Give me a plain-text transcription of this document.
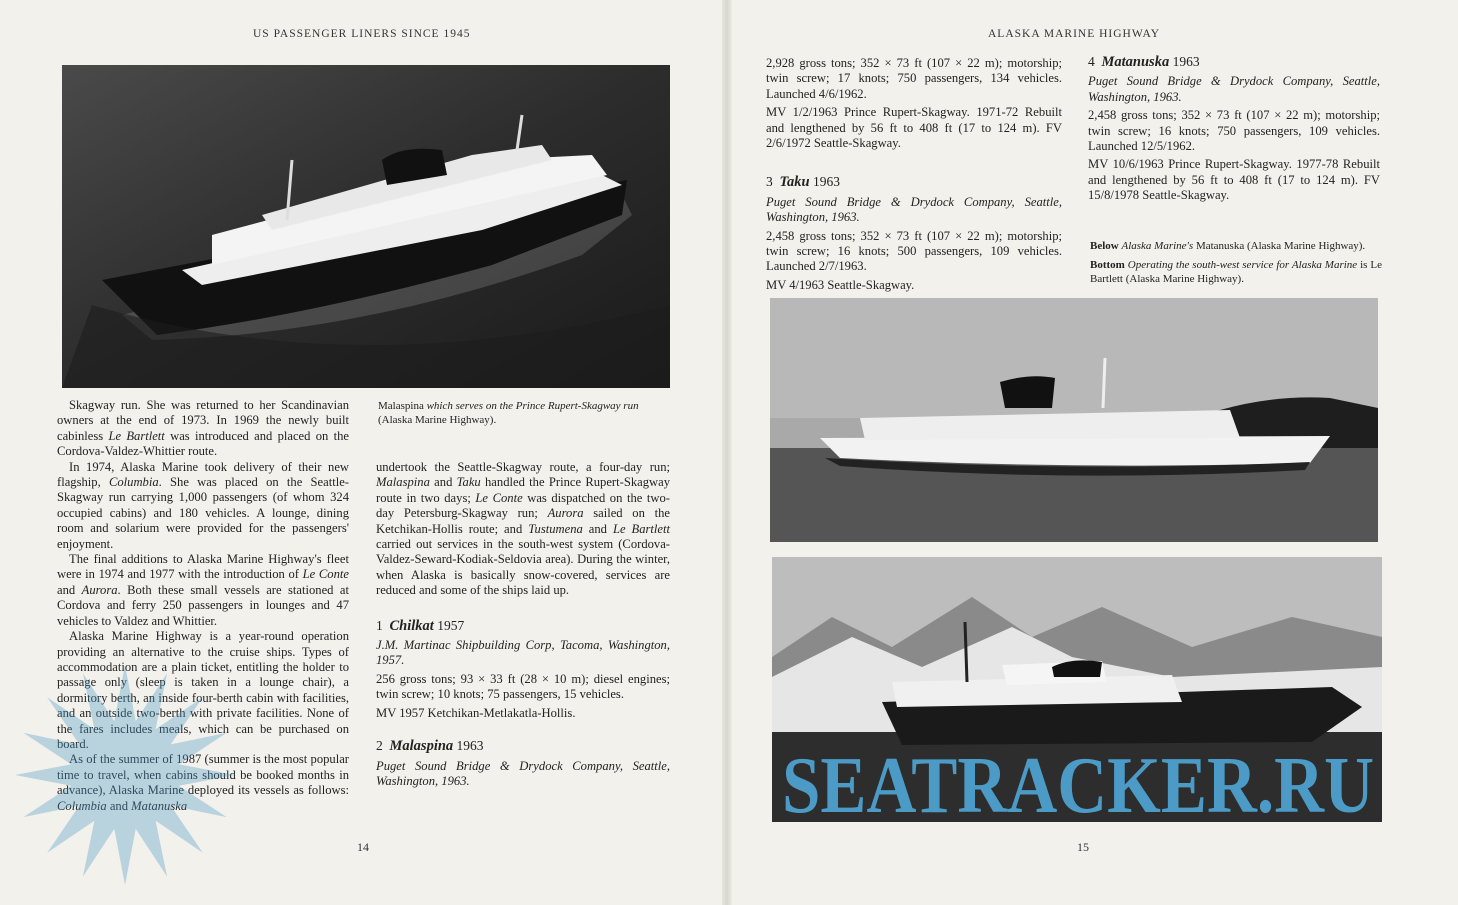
US PASSENGER LINERS SINCE 1945
Malaspina which serves on the Prince Rupert-Skagway run (Alaska Marine Highway).

Skagway run. She was returned to her Scandinavian owners at the end of 1973. In 1969 the newly built cabinless Le Bartlett was introduced and placed on the Cordova-Valdez-Whittier route.

In 1974, Alaska Marine took delivery of their new flagship, Columbia. She was placed on the Seattle-Skagway run carrying 1,000 passengers (of whom 324 occupied cabins) and 180 vehicles. A lounge, dining room and solarium were provided for the passengers' enjoyment.

The final additions to Alaska Marine Highway's fleet were in 1974 and 1977 with the introduction of Le Conte and Aurora. Both these small vessels are stationed at Cordova and ferry 250 passengers in lounges and 47 vehicles to Valdez and Whittier.

Alaska Marine Highway is a year-round operation providing an alternative to the cruise ships. Types of accommodation are a plain ticket, entitling the holder to passage only (sleep is taken in a lounge chair), a dormitory berth, an inside four-berth cabin with facilities, and an outside two-berth with private facilities. None of the fares includes meals, which can be purchased on board.

As of the summer of 1987 (summer is the most popular time to travel, when cabins should be booked months in advance), Alaska Marine deployed its vessels as follows: Columbia and Matanuska

undertook the Seattle-Skagway route, a four-day run; Malaspina and Taku handled the Prince Rupert-Skagway route in two days; Le Conte was dispatched on the two-day Petersburg-Skagway run; Aurora sailed on the Ketchikan-Hollis route; and Tustumena and Le Bartlett carried out services in the south-west system (Cordova-Valdez-Seward-Kodiak-Seldovia area). During the winter, when Alaska is basically snow-covered, services are reduced and some of the ships laid up.

1 Chilkat 1957

J.M. Martinac Shipbuilding Corp, Tacoma, Washington, 1957.

256 gross tons; 93 × 33 ft (28 × 10 m); diesel engines; twin screw; 10 knots; 75 passengers, 15 vehicles.

MV 1957 Ketchikan-Metlakatla-Hollis.

2 Malaspina 1963

Puget Sound Bridge & Drydock Company, Seattle, Washington, 1963.

14
ALASKA MARINE HIGHWAY

2,928 gross tons; 352 × 73 ft (107 × 22 m); motorship; twin screw; 17 knots; 750 passengers, 134 vehicles. Launched 4/6/1962.

MV 1/2/1963 Prince Rupert-Skagway. 1971-72 Rebuilt and lengthened by 56 ft to 408 ft (17 to 124 m). FV 2/6/1972 Seattle-Skagway.

3 Taku 1963

Puget Sound Bridge & Drydock Company, Seattle, Washington, 1963.

2,458 gross tons; 352 × 73 ft (107 × 22 m); motorship; twin screw; 16 knots; 500 passengers, 109 vehicles. Launched 2/7/1963.

MV 4/1963 Seattle-Skagway.

4 Matanuska 1963

Puget Sound Bridge & Drydock Company, Seattle, Washington, 1963.

2,458 gross tons; 352 × 73 ft (107 × 22 m); motorship; twin screw; 16 knots; 750 passengers, 109 vehicles. Launched 12/5/1962.

MV 10/6/1963 Prince Rupert-Skagway. 1977-78 Rebuilt and lengthened by 56 ft to 408 ft (17 to 124 m). FV 15/8/1978 Seattle-Skagway.

Below Alaska Marine's Matanuska (Alaska Marine Highway).
Bottom Operating the south-west service for Alaska Marine is Le Bartlett (Alaska Marine Highway).
15
SEATRACKER.RU
